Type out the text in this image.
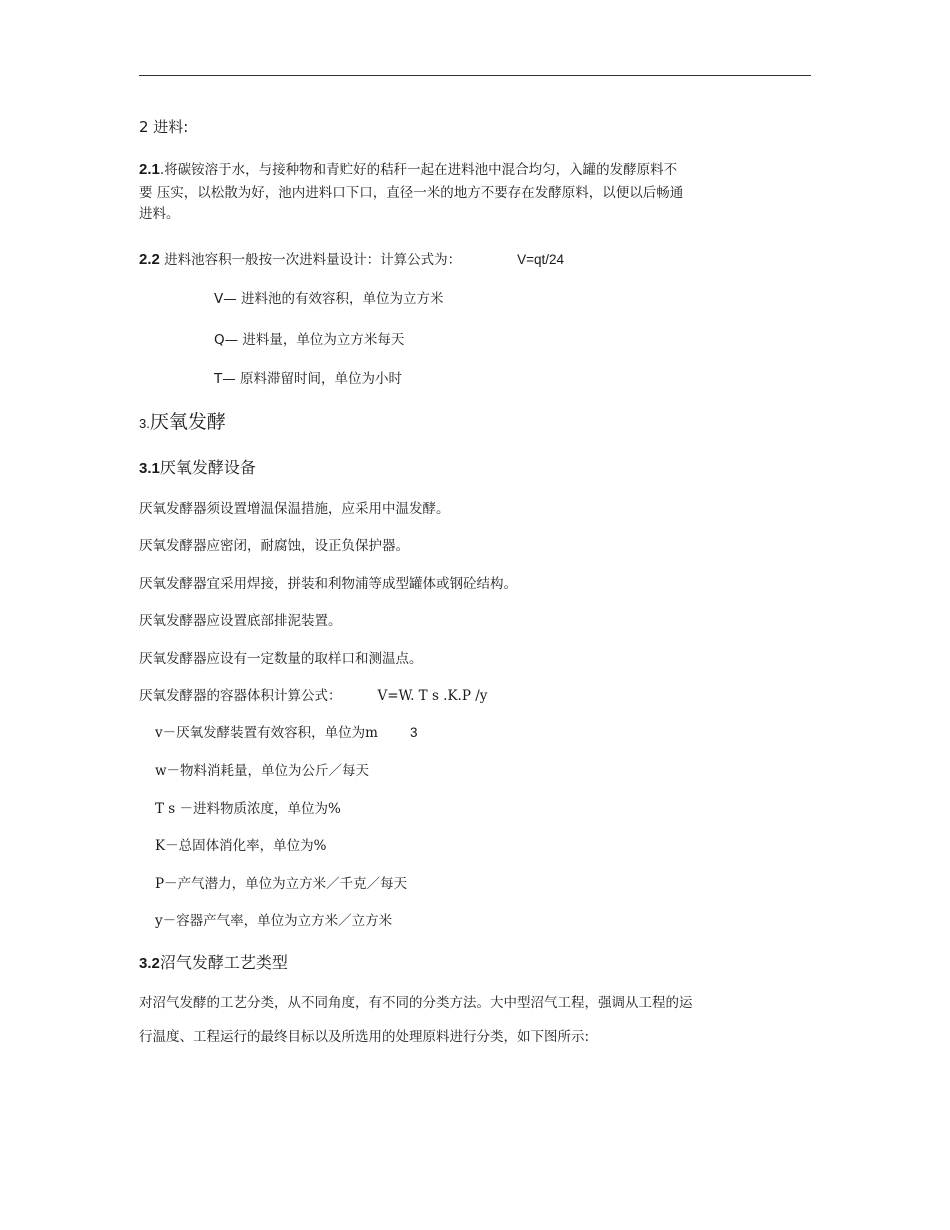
2 进料:
2.1.将碳铵溶于水，与接种物和青贮好的秸秆一起在进料池中混合均匀，入罐的发酵原料不
要 压实，以松散为好，池内进料口下口，直径一米的地方不要存在发酵原料，以便以后畅通
进料。
2.2 进料池容积一般按一次进料量设计：计算公式为：	V=qt/24
V— 进料池的有效容积，单位为立方米
Q— 进料量，单位为立方米每天
T— 原料滞留时间，单位为小时
3.厌氧发酵
3.1厌氧发酵设备
厌氧发酵器须设置增温保温措施，应采用中温发酵。
厌氧发酵器应密闭，耐腐蚀，设正负保护器。
厌氧发酵器宜采用焊接，拼装和利物浦等成型罐体或钢砼结构。
厌氧发酵器应设置底部排泥装置。
厌氧发酵器应设有一定数量的取样口和测温点。
厌氧发酵器的容器体积计算公式：	V=W. T s .K.P /y
v－厌氧发酵装置有效容积，单位为m 3
w－物料消耗量，单位为公斤／每天
T s －进料物质浓度，单位为%
K－总固体消化率，单位为%
P－产气潜力，单位为立方米／千克／每天
y－容器产气率，单位为立方米／立方米
3.2沼气发酵工艺类型
对沼气发酵的工艺分类，从不同角度，有不同的分类方法。大中型沼气工程，强调从工程的运
行温度、工程运行的最终目标以及所选用的处理原料进行分类，如下图所示:
